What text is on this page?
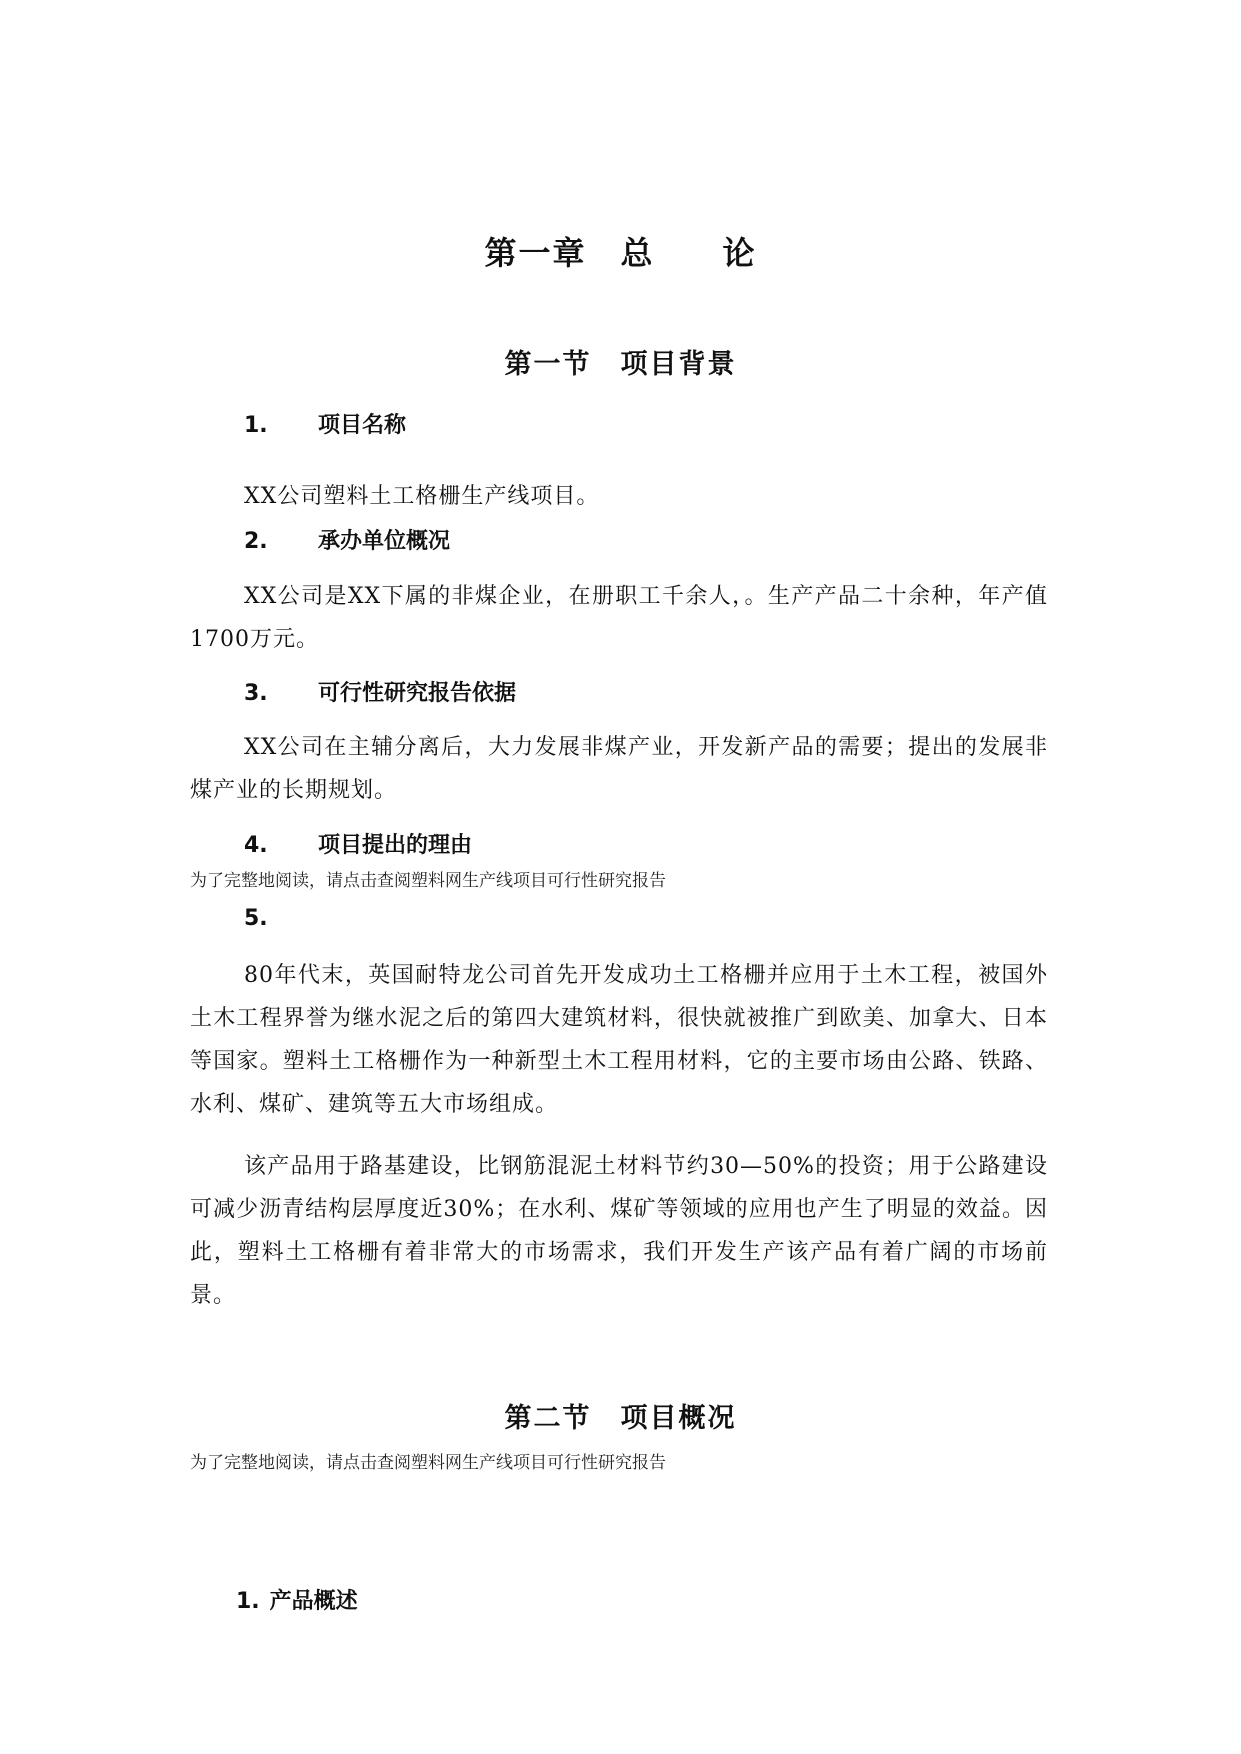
第一章　总　　论
第一节　项目背景
1. 项目名称
XX公司塑料土工格栅生产线项目。
2. 承办单位概况
XX公司是XX下属的非煤企业，在册职工千余人，。生产产品二十余种，年产值1700万元。
3. 可行性研究报告依据
XX公司在主辅分离后，大力发展非煤产业，开发新产品的需要；提出的发展非煤产业的长期规划。
4. 项目提出的理由
为了完整地阅读，请点击查阅塑料网生产线项目可行性研究报告
5.
80年代末，英国耐特龙公司首先开发成功土工格栅并应用于土木工程，被国外土木工程界誉为继水泥之后的第四大建筑材料，很快就被推广到欧美、加拿大、日本等国家。塑料土工格栅作为一种新型土木工程用材料，它的主要市场由公路、铁路、水利、煤矿、建筑等五大市场组成。
该产品用于路基建设，比钢筋混泥土材料节约30—50%的投资；用于公路建设可减少沥青结构层厚度近30%；在水利、煤矿等领域的应用也产生了明显的效益。因此，塑料土工格栅有着非常大的市场需求，我们开发生产该产品有着广阔的市场前景。
第二节　项目概况
为了完整地阅读，请点击查阅塑料网生产线项目可行性研究报告
1. 产品概述
